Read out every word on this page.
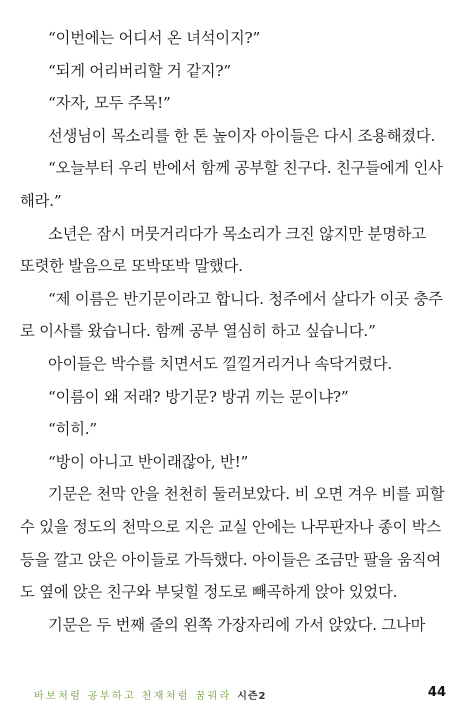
“이번에는 어디서 온 녀석이지?”

“되게 어리버리할 거 같지?”

“자자, 모두 주목!”

선생님이 목소리를 한 톤 높이자 아이들은 다시 조용해졌다.

“오늘부터 우리 반에서 함께 공부할 친구다. 친구들에게 인사
해라.”

소년은 잠시 머뭇거리다가 목소리가 크진 않지만 분명하고
또렷한 발음으로 또박또박 말했다.

“제 이름은 반기문이라고 합니다. 청주에서 살다가 이곳 충주
로 이사를 왔습니다. 함께 공부 열심히 하고 싶습니다.”

아이들은 박수를 치면서도 낄낄거리거나 속닥거렸다.

“이름이 왜 저래? 방기문? 방귀 끼는 문이냐?”

“히히.”

“방이 아니고 반이래잖아, 반!”

기문은 천막 안을 천천히 둘러보았다. 비 오면 겨우 비를 피할
수 있을 정도의 천막으로 지은 교실 안에는 나무판자나 종이 박스
등을 깔고 앉은 아이들로 가득했다. 아이들은 조금만 팔을 움직여
도 옆에 앉은 친구와 부딪힐 정도로 빼곡하게 앉아 있었다.

기문은 두 번째 줄의 왼쪽 가장자리에 가서 앉았다. 그나마

바보처럼 공부하고 천재처럼 꿈꿔라 시즌2	44
